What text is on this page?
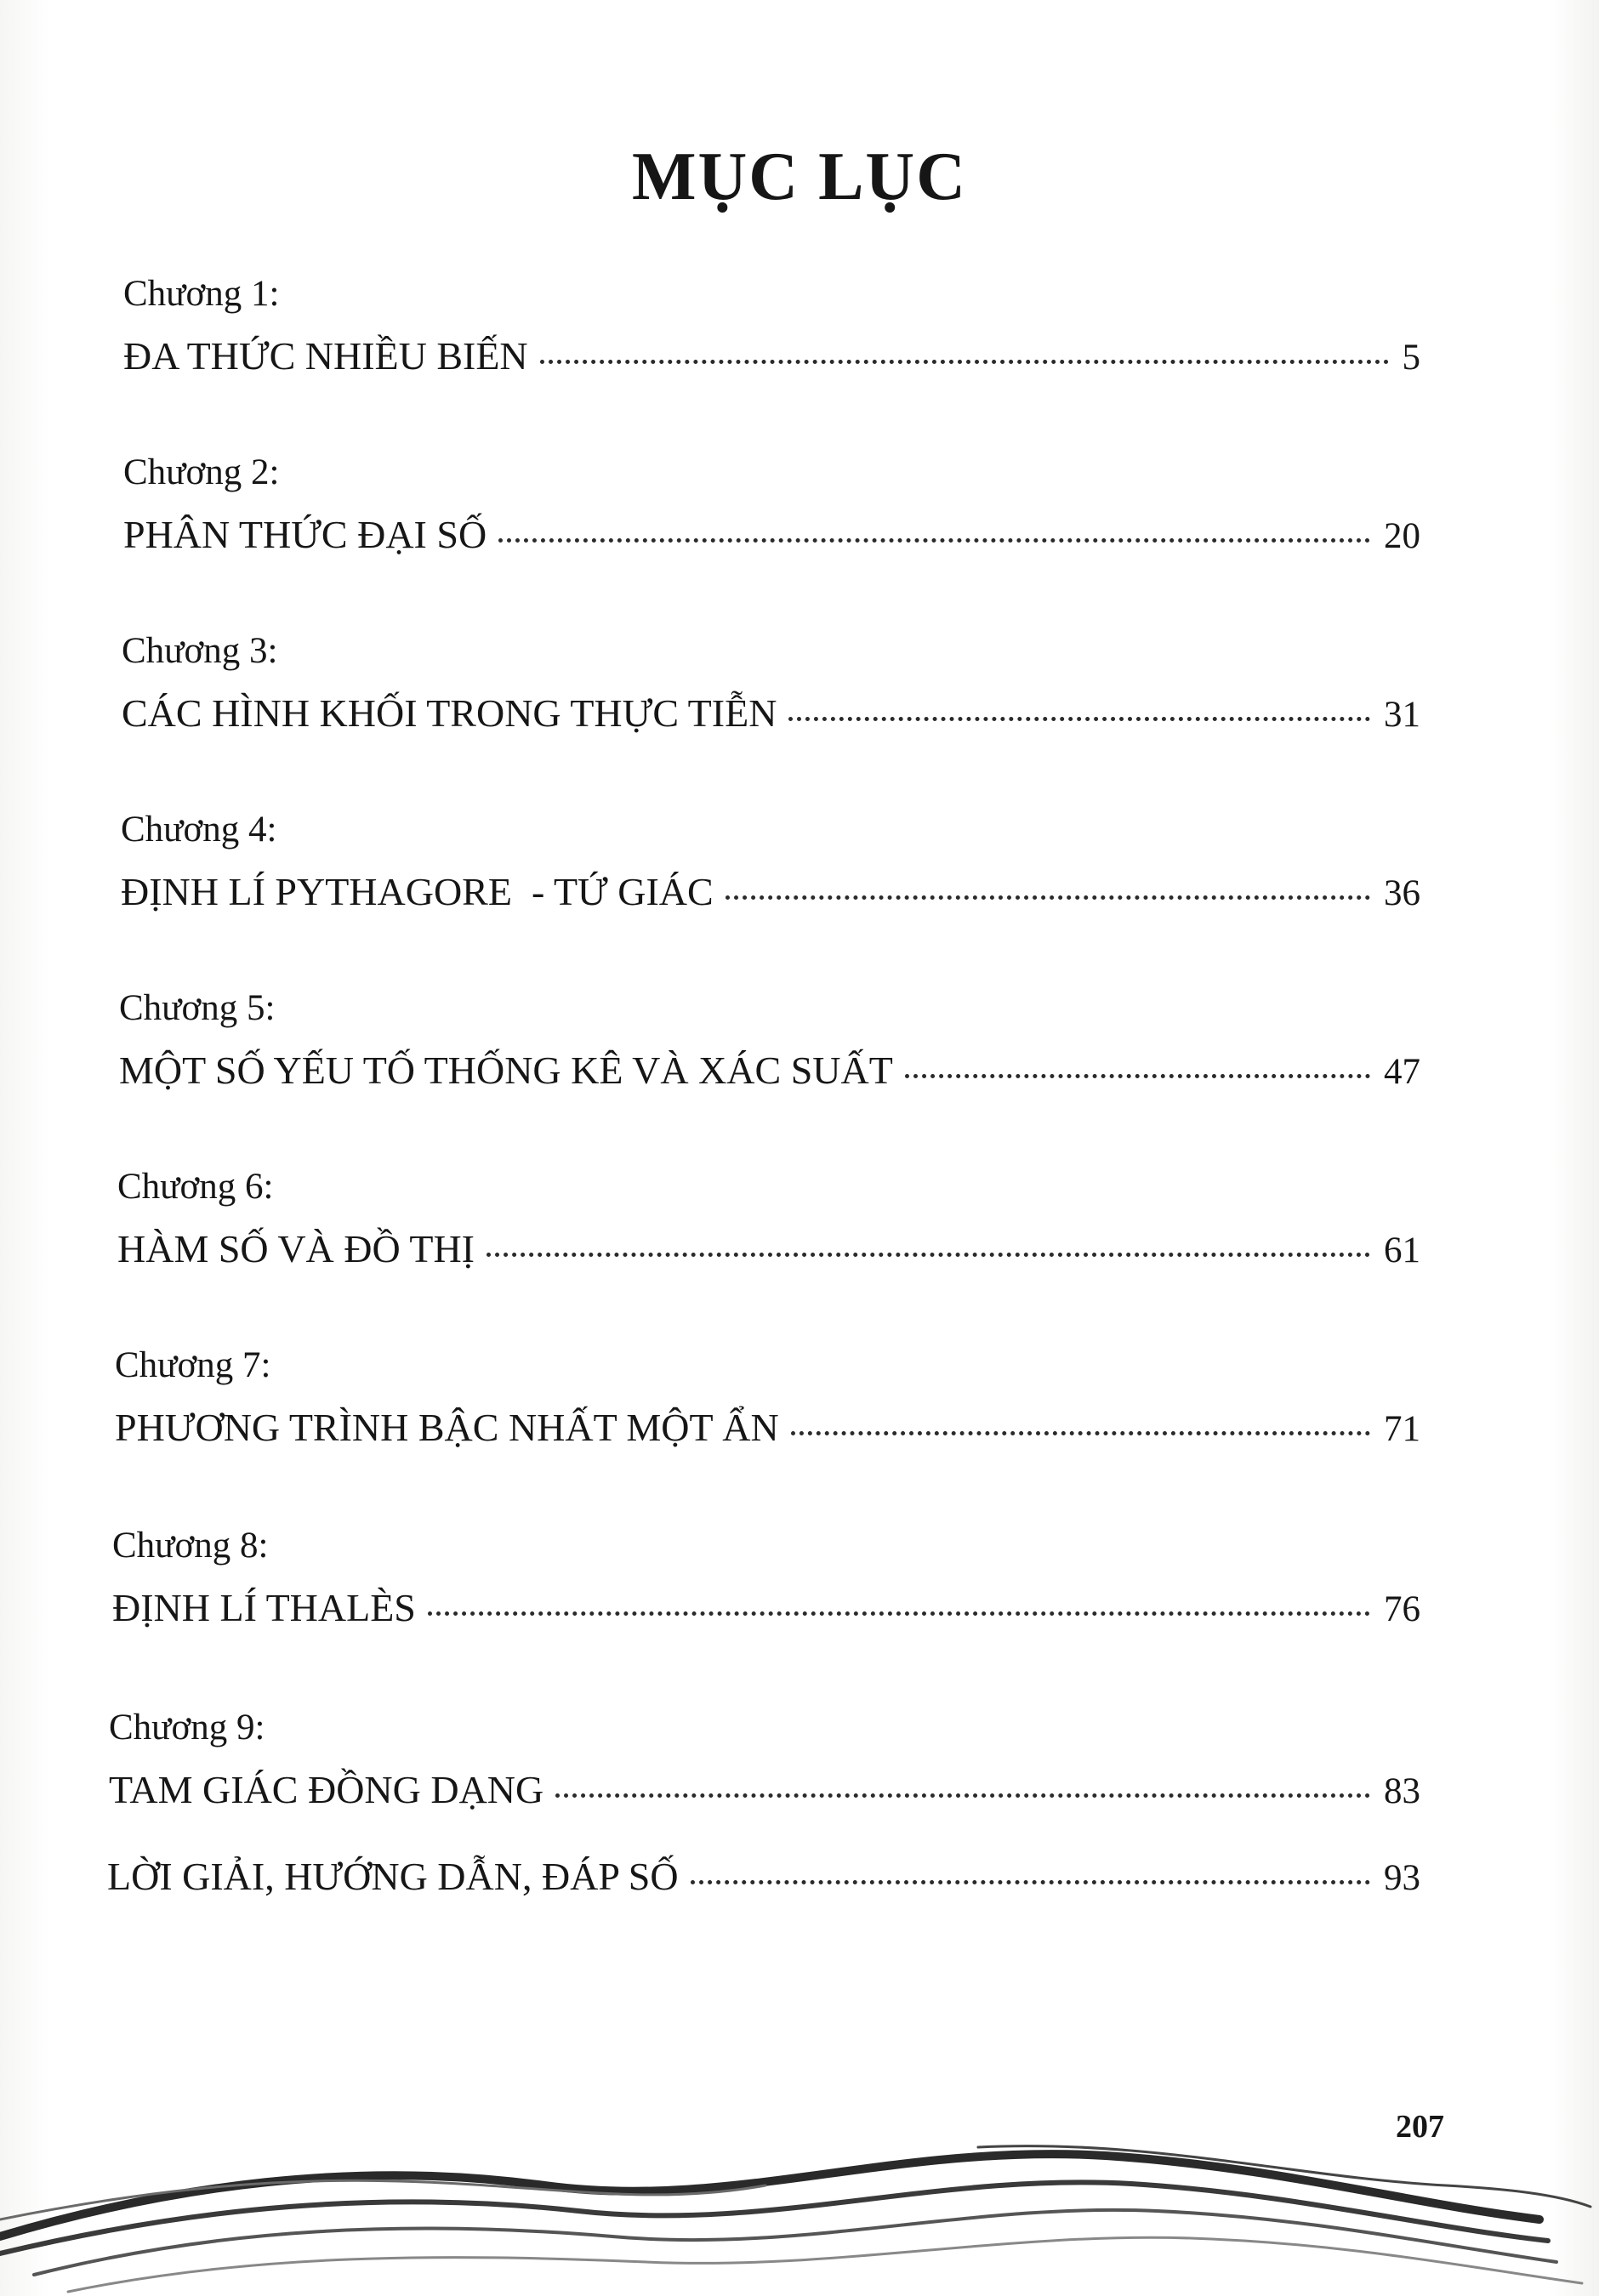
MỤC LỤC
Chương 1:
ĐA THỨC NHIỀU BIẾN	5
Chương 2:
PHÂN THỨC ĐẠI SỐ	20
Chương 3:
CÁC HÌNH KHỐI TRONG THỰC TIỄN	31
Chương 4:
ĐỊNH LÍ PYTHAGORE  - TỨ GIÁC	36
Chương 5:
MỘT SỐ YẾU TỐ THỐNG KÊ VÀ XÁC SUẤT	47
Chương 6:
HÀM SỐ VÀ ĐỒ THỊ	61
Chương 7:
PHƯƠNG TRÌNH BẬC NHẤT MỘT ẨN	71
Chương 8:
ĐỊNH LÍ THALÈS	76
Chương 9:
TAM GIÁC ĐỒNG DẠNG	83
LỜI GIẢI, HƯỚNG DẪN, ĐÁP SỐ	93
207
